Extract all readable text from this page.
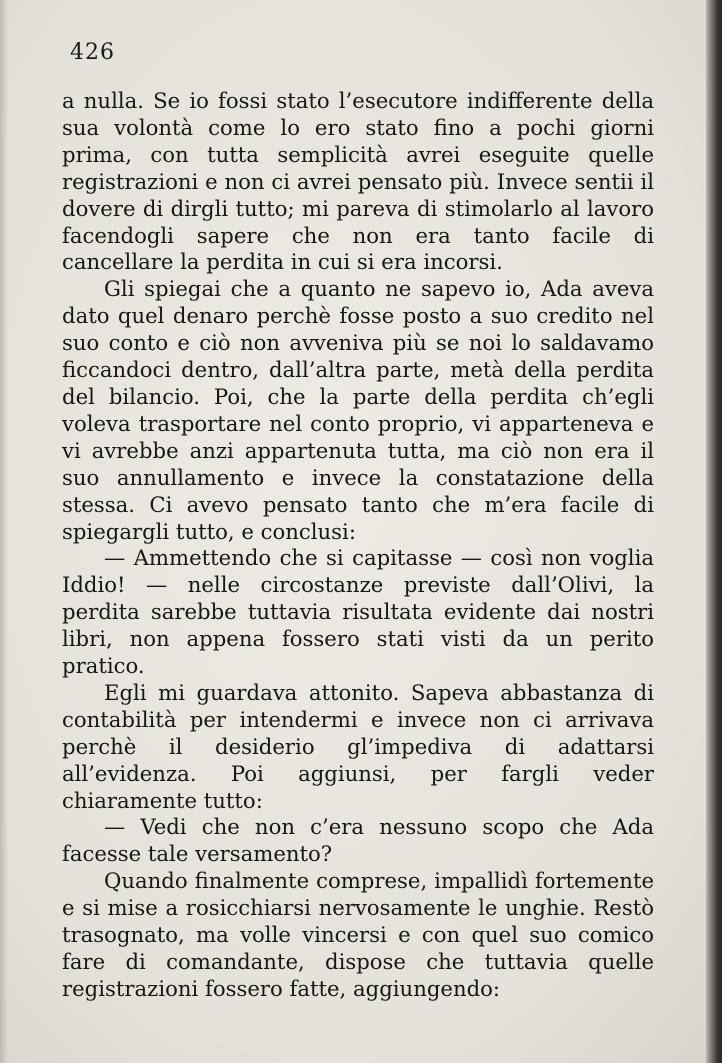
426

a nulla. Se io fossi stato l’esecutore indifferente della sua volontà come lo ero stato fino a pochi giorni prima, con tutta semplicità avrei eseguite quelle registrazioni e non ci avrei pensato più. Invece sentii il dovere di dirgli tutto; mi pareva di stimolarlo al lavoro facendogli sapere che non era tanto facile di cancellare la perdita in cui si era incorsi.

Gli spiegai che a quanto ne sapevo io, Ada aveva dato quel denaro perchè fosse posto a suo credito nel suo conto e ciò non avveniva più se noi lo saldavamo ficcandoci dentro, dall’altra parte, metà della perdita del bilancio. Poi, che la parte della perdita ch’egli voleva trasportare nel conto proprio, vi apparteneva e vi avrebbe anzi appartenuta tutta, ma ciò non era il suo annullamento e invece la constatazione della stessa. Ci avevo pensato tanto che m’era facile di spiegargli tutto, e conclusi:

— Ammettendo che si capitasse — così non voglia Iddio! — nelle circostanze previste dall’Olivi, la perdita sarebbe tuttavia risultata evidente dai nostri libri, non appena fossero stati visti da un perito pratico.

Egli mi guardava attonito. Sapeva abbastanza di contabilità per intendermi e invece non ci arrivava perchè il desiderio gl’impediva di adattarsi all’evidenza. Poi aggiunsi, per fargli veder chiaramente tutto:

— Vedi che non c’era nessuno scopo che Ada facesse tale versamento?

Quando finalmente comprese, impallidì fortemente e si mise a rosicchiarsi nervosamente le unghie. Restò trasognato, ma volle vincersi e con quel suo comico fare di comandante, dispose che tuttavia quelle registrazioni fossero fatte, aggiungendo:
